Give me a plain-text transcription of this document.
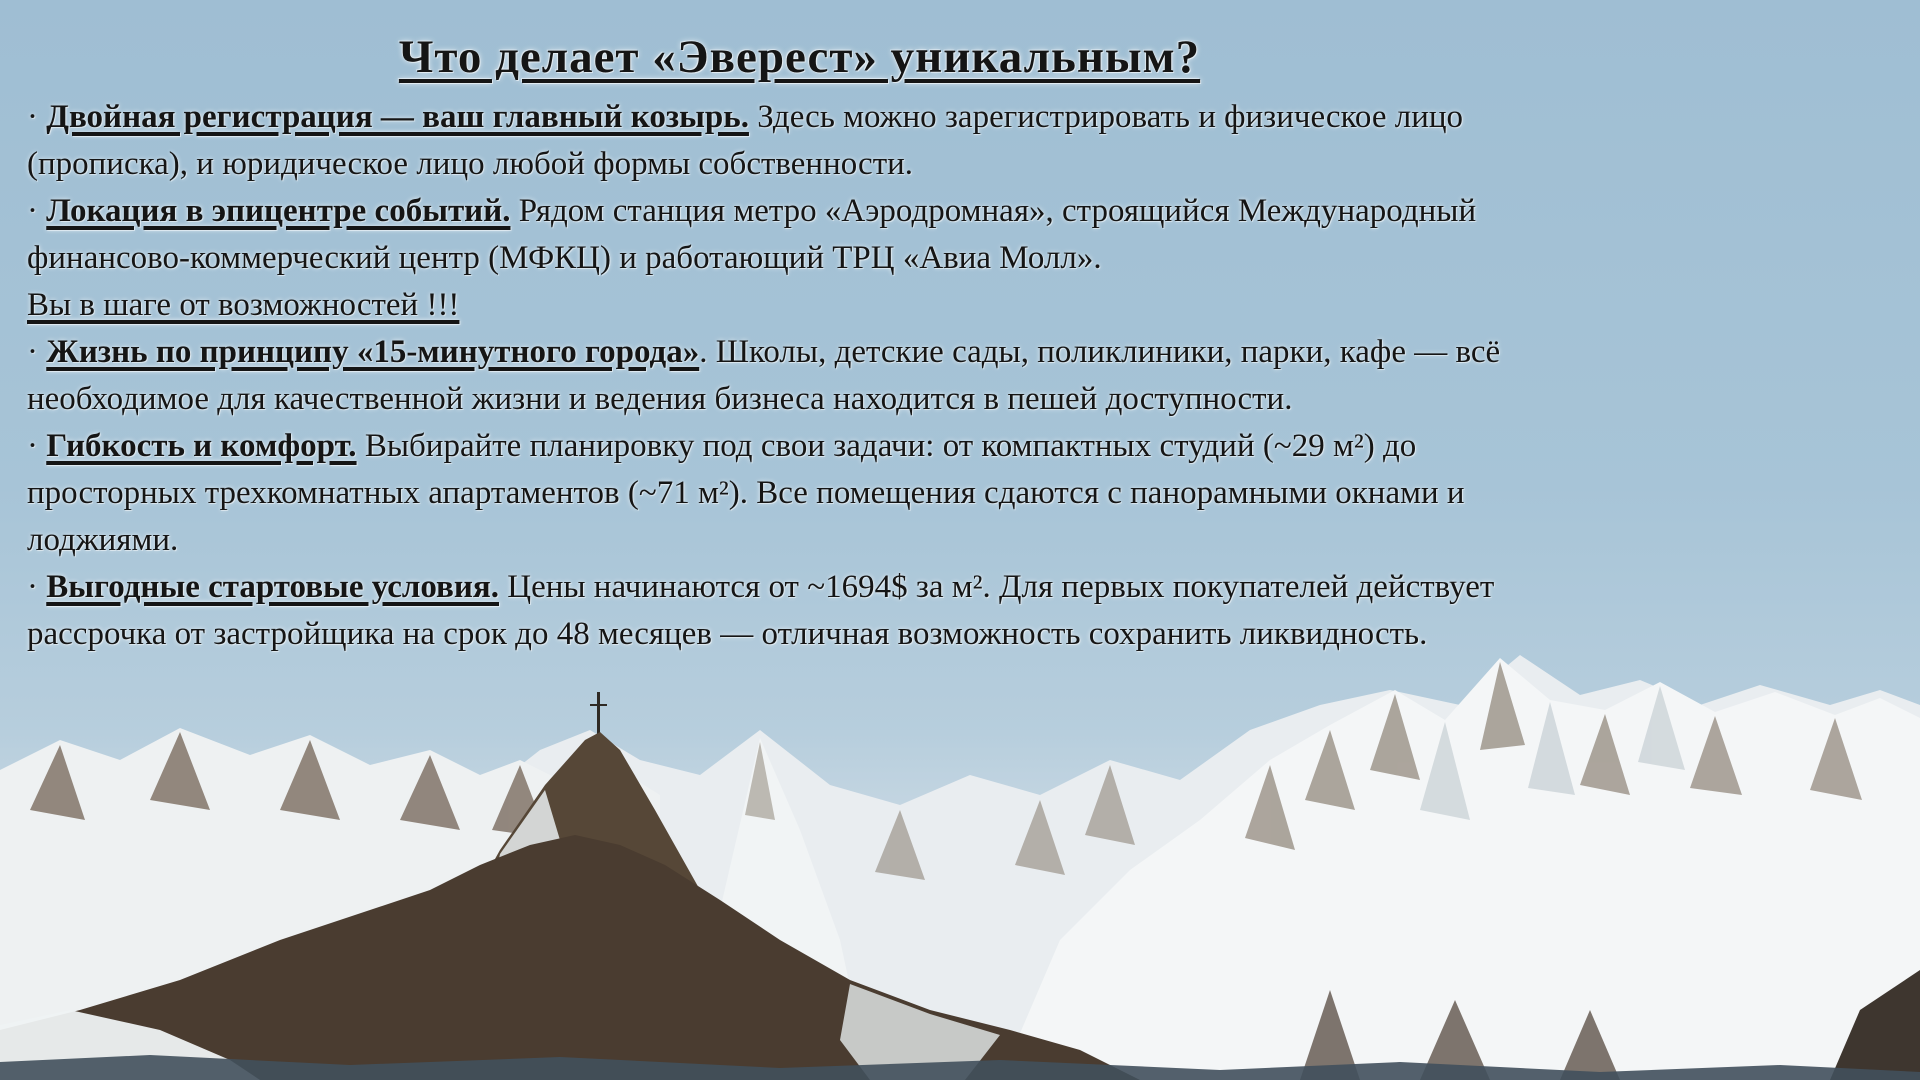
Что делает «Эверест» уникальным?

· Двойная регистрация — ваш главный козырь. Здесь можно зарегистрировать и физическое лицо (прописка), и юридическое лицо любой формы собственности.

· Локация в эпицентре событий. Рядом станция метро «Аэродромная», строящийся Международный финансово-коммерческий центр (МФКЦ) и работающий ТРЦ «Авиа Молл».
Вы в шаге от возможностей !!!

· Жизнь по принципу «15-минутного города». Школы, детские сады, поликлиники, парки, кафе — всё необходимое для качественной жизни и ведения бизнеса находится в пешей доступности.

· Гибкость и комфорт. Выбирайте планировку под свои задачи: от компактных студий (~29 м²) до просторных трехкомнатных апартаментов (~71 м²). Все помещения сдаются с панорамными окнами и лоджиями.

· Выгодные стартовые условия. Цены начинаются от ~1694$ за м². Для первых покупателей действует рассрочка от застройщика на срок до 48 месяцев — отличная возможность сохранить ликвидность.
